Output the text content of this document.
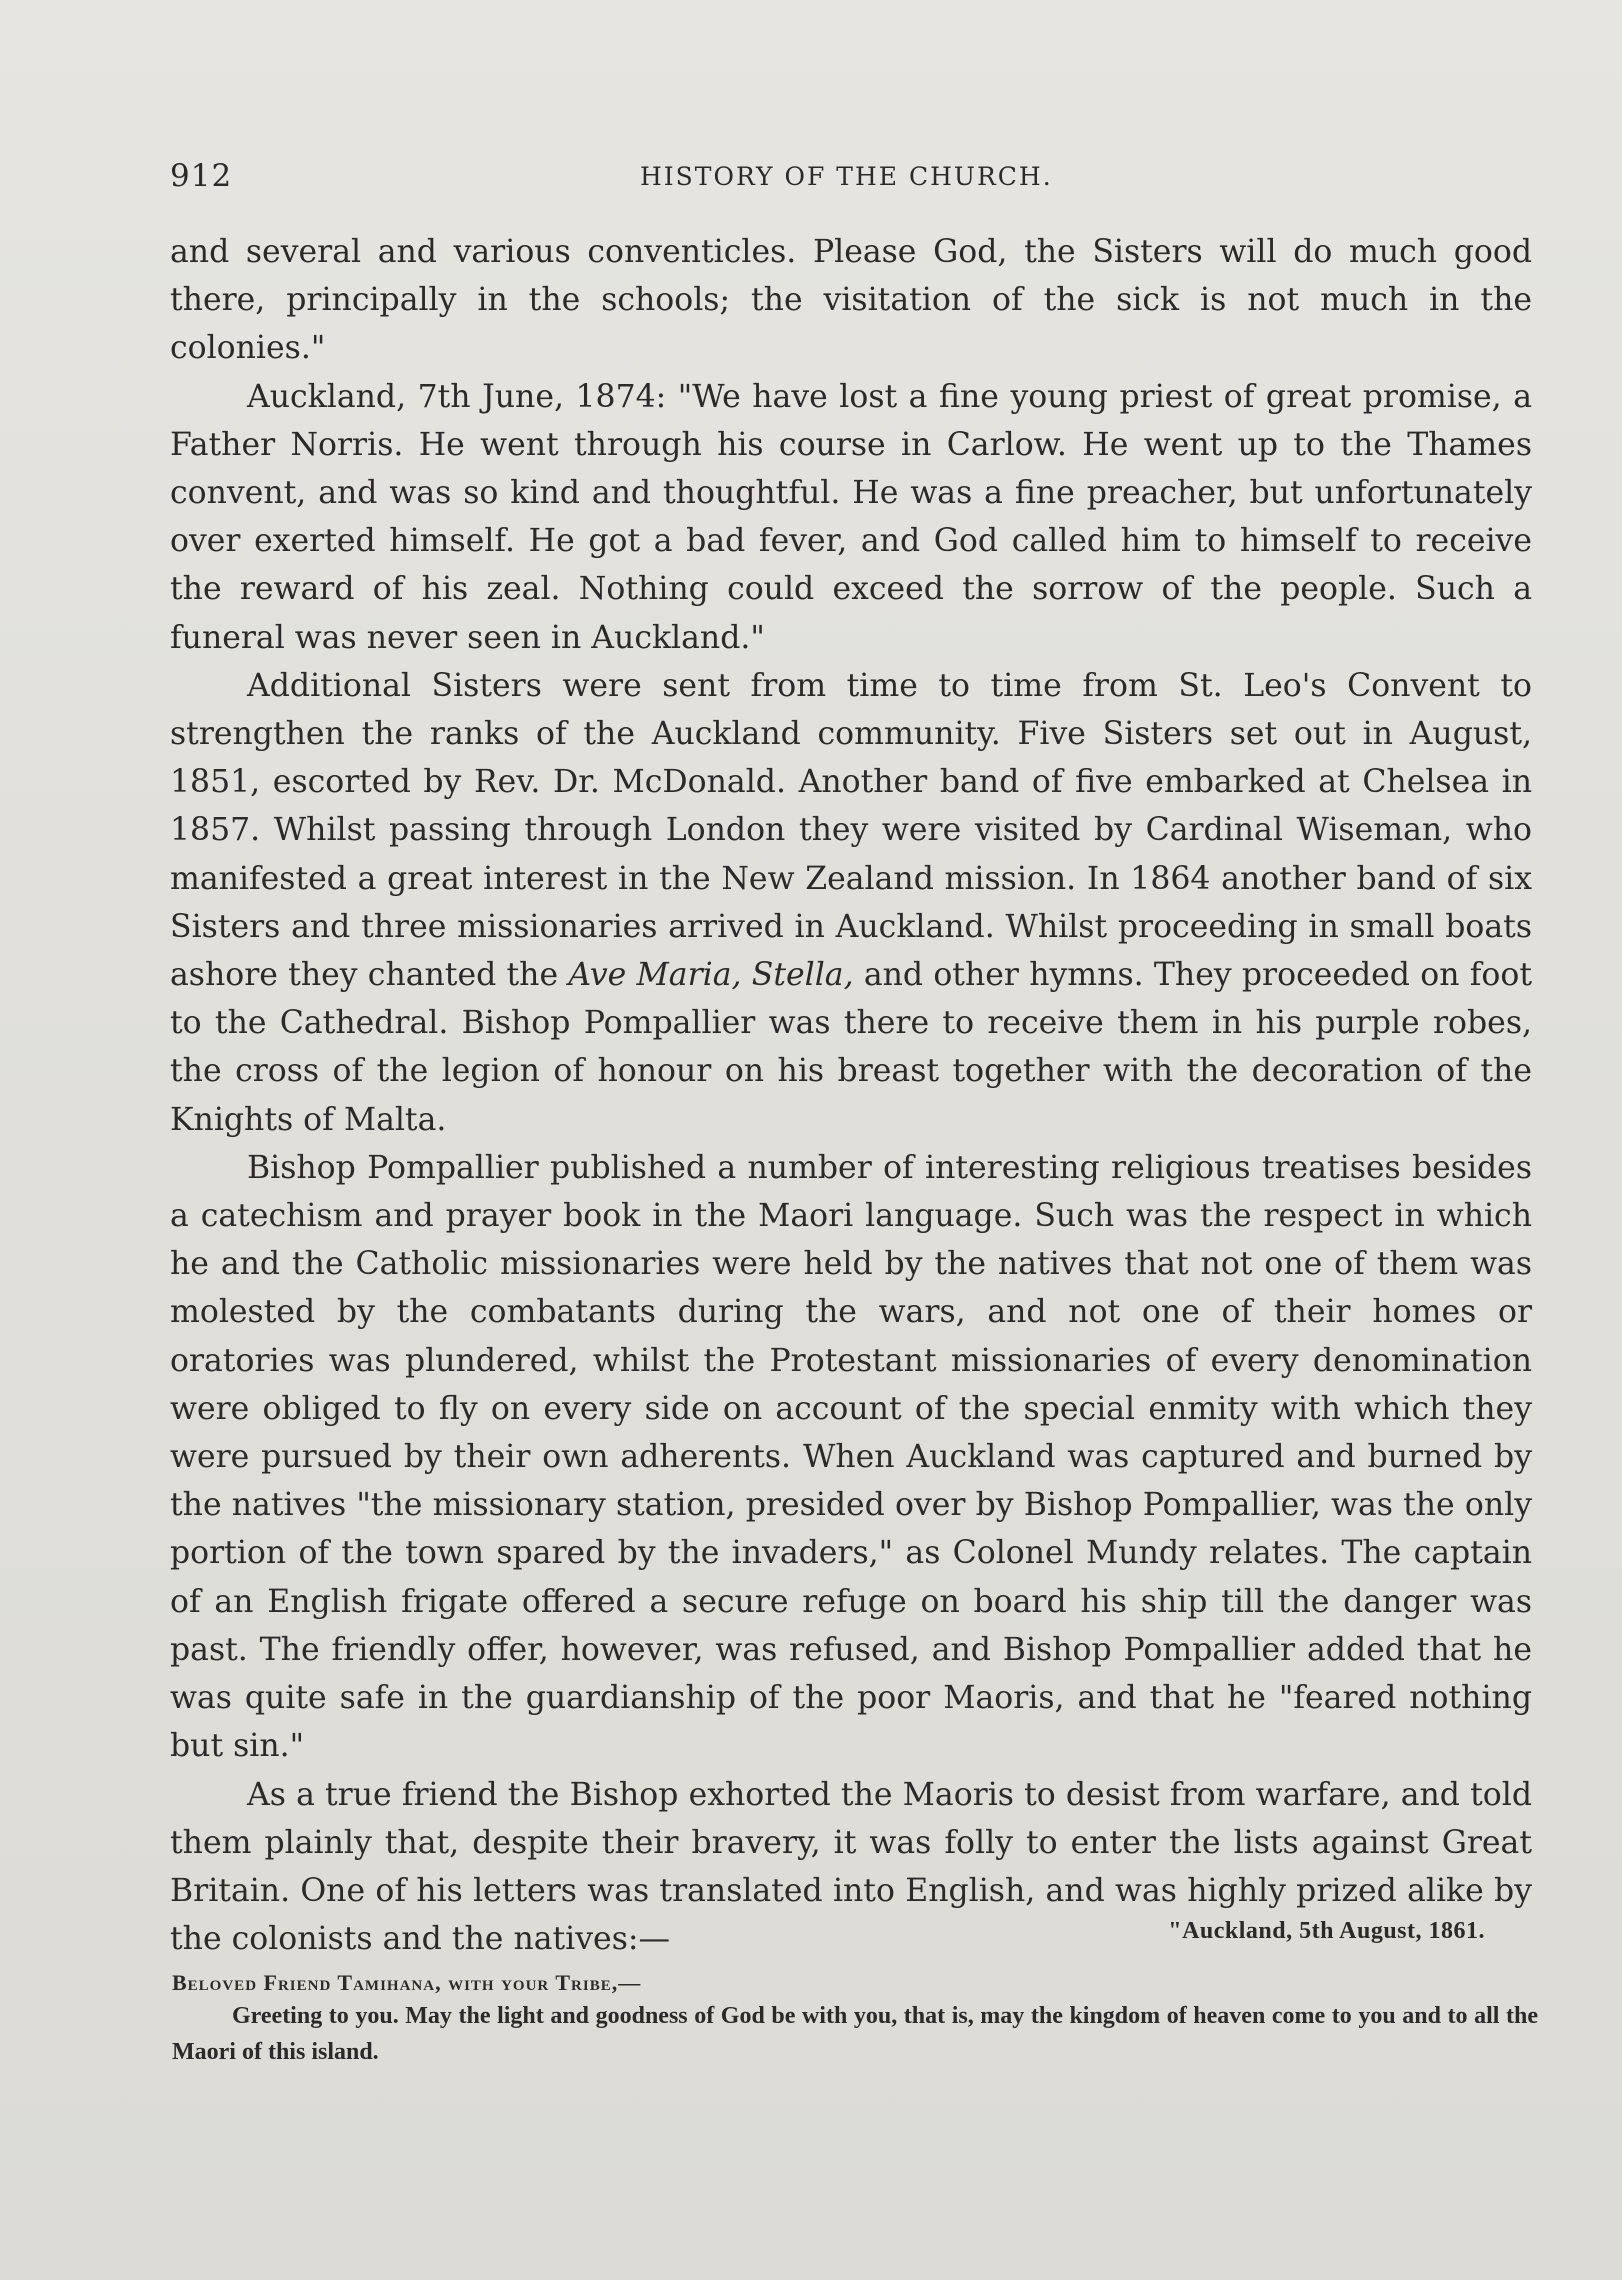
912	HISTORY OF THE CHURCH.

and several and various conventicles. Please God, the Sisters will do much good there, principally in the schools; the visitation of the sick is not much in the colonies."

Auckland, 7th June, 1874: "We have lost a fine young priest of great promise, a Father Norris. He went through his course in Carlow. He went up to the Thames convent, and was so kind and thoughtful. He was a fine preacher, but unfortunately over exerted himself. He got a bad fever, and God called him to himself to receive the reward of his zeal. Nothing could exceed the sorrow of the people. Such a funeral was never seen in Auckland."

Additional Sisters were sent from time to time from St. Leo's Convent to strengthen the ranks of the Auckland community. Five Sisters set out in August, 1851, escorted by Rev. Dr. McDonald. Another band of five embarked at Chelsea in 1857. Whilst passing through London they were visited by Cardinal Wiseman, who manifested a great interest in the New Zealand mission. In 1864 another band of six Sisters and three missionaries arrived in Auckland. Whilst proceeding in small boats ashore they chanted the Ave Maria, Stella, and other hymns. They proceeded on foot to the Cathedral. Bishop Pompallier was there to receive them in his purple robes, the cross of the legion of honour on his breast together with the decoration of the Knights of Malta.

Bishop Pompallier published a number of interesting religious treatises besides a catechism and prayer book in the Maori language. Such was the respect in which he and the Catholic missionaries were held by the natives that not one of them was molested by the combatants during the wars, and not one of their homes or oratories was plundered, whilst the Protestant missionaries of every denomination were obliged to fly on every side on account of the special enmity with which they were pursued by their own adherents. When Auckland was captured and burned by the natives "the missionary station, presided over by Bishop Pompallier, was the only portion of the town spared by the invaders," as Colonel Mundy relates. The captain of an English frigate offered a secure refuge on board his ship till the danger was past. The friendly offer, however, was refused, and Bishop Pompallier added that he was quite safe in the guardianship of the poor Maoris, and that he "feared nothing but sin."

As a true friend the Bishop exhorted the Maoris to desist from warfare, and told them plainly that, despite their bravery, it was folly to enter the lists against Great Britain. One of his letters was translated into English, and was highly prized alike by the colonists and the natives:—	"Auckland, 5th August, 1861.
Beloved Friend Tamihana, with your Tribe,—
Greeting to you. May the light and goodness of God be with you, that is, may the kingdom of heaven come to you and to all the Maori of this island.
